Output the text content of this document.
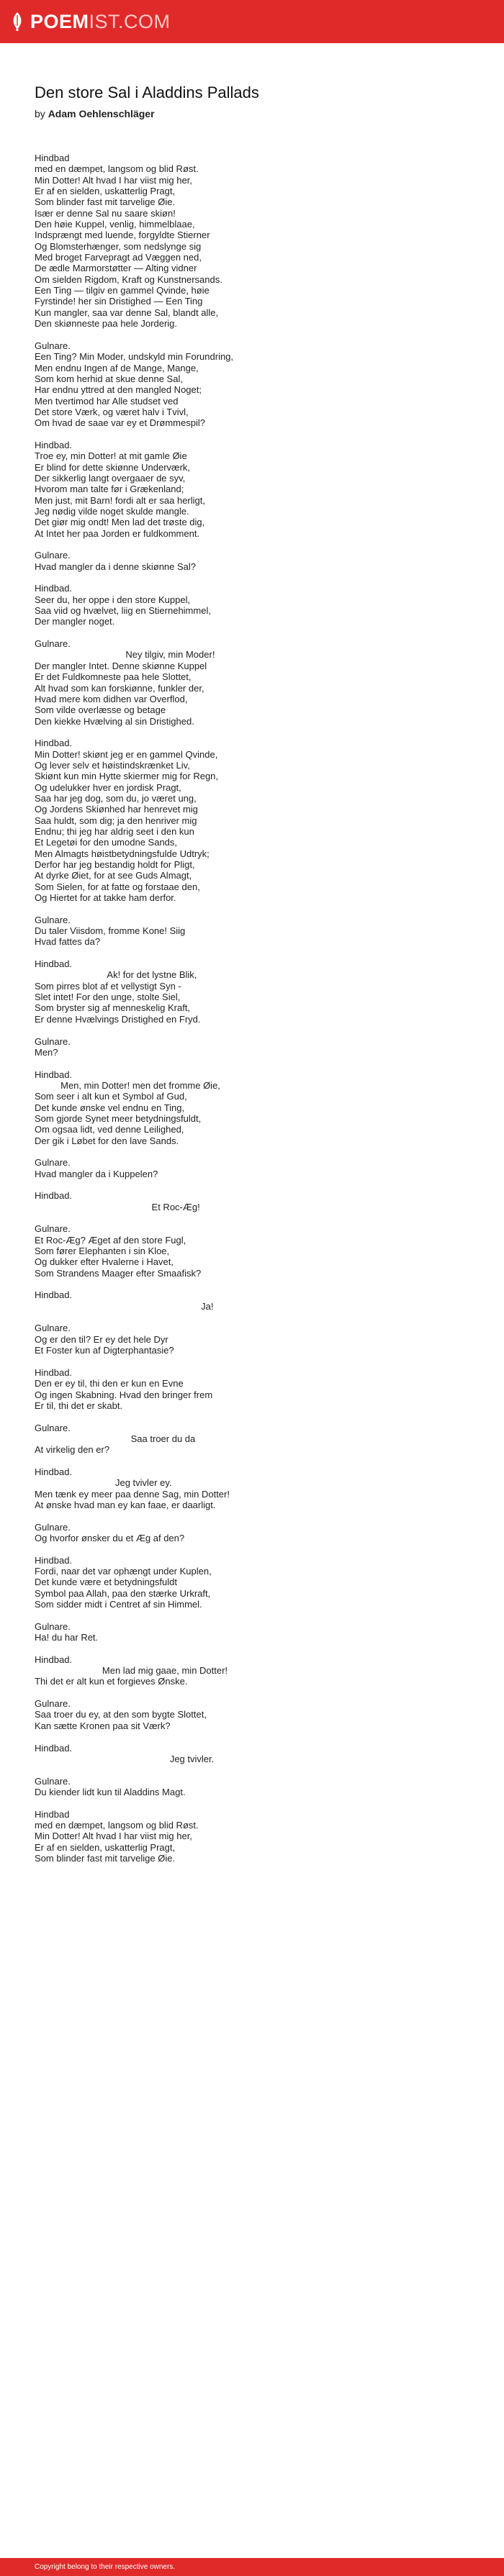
POEM IST.COM
Den store Sal i Aladdins Pallads

by Adam Oehlenschläger

Hindbad
med en dæmpet, langsom og blid Røst.
Min Dotter! Alt hvad I har viist mig her,
Er af en sielden, uskatterlig Pragt,
Som blinder fast mit tarvelige Øie.
Især er denne Sal nu saare skiøn!
Den høie Kuppel, venlig, himmelblaae,
Indsprængt med luende, forgyldte Stierner
Og Blomsterhænger, som nedslynge sig
Med broget Farvepragt ad Væggen ned,
De ædle Marmorstøtter — Alting vidner
Om sielden Rigdom, Kraft og Kunstnersands.
Een Ting — tilgiv en gammel Qvinde, høie
Fyrstinde! her sin Dristighed — Een Ting
Kun mangler, saa var denne Sal, blandt alle,
Den skiønneste paa hele Jorderig.
Gulnare.
Een Ting? Min Moder, undskyld min Forundring,
Men endnu Ingen af de Mange, Mange,
Som kom herhid at skue denne Sal,
Har endnu yttred at den mangled Noget;
Men tvertimod har Alle studset ved
Det store Værk, og været halv i Tvivl,
Om hvad de saae var ey et Drømmespil?
Hindbad.
Troe ey, min Dotter! at mit gamle Øie
Er blind for dette skiønne Underværk,
Der sikkerlig langt overgaaer de syv,
Hvorom man talte før i Grækenland;
Men just, mit Barn! fordi alt er saa herligt,
Jeg nødig vilde noget skulde mangle.
Det giør mig ondt! Men lad det trøste dig,
At Intet her paa Jorden er fuldkomment.
Gulnare.
Hvad mangler da i denne skiønne Sal?
Hindbad.
Seer du, her oppe i den store Kuppel,
Saa viid og hvælvet, liig en Stiernehimmel,
Der mangler noget.
Gulnare.
Ney tilgiv, min Moder!
Der mangler Intet. Denne skiønne Kuppel
Er det Fuldkomneste paa hele Slottet,
Alt hvad som kan forskiønne, funkler der,
Hvad mere kom didhen var Overflod,
Som vilde overlæsse og betage
Den kiekke Hvælving al sin Dristighed.
Hindbad.
Min Dotter! skiønt jeg er en gammel Qvinde,
Og lever selv et høistindskrænket Liv,
Skiønt kun min Hytte skiermer mig for Regn,
Og udelukker hver en jordisk Pragt,
Saa har jeg dog, som du, jo været ung,
Og Jordens Skiønhed har henrevet mig
Saa huldt, som dig; ja den henriver mig
Endnu; thi jeg har aldrig seet i den kun
Et Legetøi for den umodne Sands,
Men Almagts høistbetydningsfulde Udtryk;
Derfor har jeg bestandig holdt for Pligt,
At dyrke Øiet, for at see Guds Almagt,
Som Sielen, for at fatte og forstaae den,
Og Hiertet for at takke ham derfor.
Gulnare.
Du taler Viisdom, fromme Kone! Siig
Hvad fattes da?
Hindbad.
Ak! for det lystne Blik,
Som pirres blot af et vellystigt Syn -
Slet intet! For den unge, stolte Siel,
Som bryster sig af menneskelig Kraft,
Er denne Hvælvings Dristighed en Fryd.
Gulnare.
Men?
Hindbad.
Men, min Dotter! men det fromme Øie,
Som seer i alt kun et Symbol af Gud,
Det kunde ønske vel endnu en Ting,
Som gjorde Synet meer betydningsfuldt,
Om ogsaa lidt, ved denne Leilighed,
Der gik i Løbet for den lave Sands.
Gulnare.
Hvad mangler da i Kuppelen?
Hindbad.
Et Roc-Æg!
Gulnare.
Et Roc-Æg? Æget af den store Fugl,
Som fører Elephanten i sin Kloe,
Og dukker efter Hvalerne i Havet,
Som Strandens Maager efter Smaafisk?
Hindbad.
Ja!
Gulnare.
Og er den til? Er ey det hele Dyr
Et Foster kun af Digterphantasie?
Hindbad.
Den er ey til, thi den er kun en Evne
Og ingen Skabning. Hvad den bringer frem
Er til, thi det er skabt.
Gulnare.
Saa troer du da
At virkelig den er?
Hindbad.
Jeg tvivler ey.
Men tænk ey meer paa denne Sag, min Dotter!
At ønske hvad man ey kan faae, er daarligt.
Gulnare.
Og hvorfor ønsker du et Æg af den?
Hindbad.
Fordi, naar det var ophængt under Kuplen,
Det kunde være et betydningsfuldt
Symbol paa Allah, paa den stærke Urkraft,
Som sidder midt i Centret af sin Himmel.
Gulnare.
Ha! du har Ret.
Hindbad.
Men lad mig gaae, min Dotter!
Thi det er alt kun et forgieves Ønske.
Gulnare.
Saa troer du ey, at den som bygte Slottet,
Kan sætte Kronen paa sit Værk?
Hindbad.
Jeg tvivler.
Gulnare.
Du kiender lidt kun til Aladdins Magt.
Hindbad
med en dæmpet, langsom og blid Røst.
Min Dotter! Alt hvad I har viist mig her,
Er af en sielden, uskatterlig Pragt,
Som blinder fast mit tarvelige Øie.
Copyright belong to their respective owners.
